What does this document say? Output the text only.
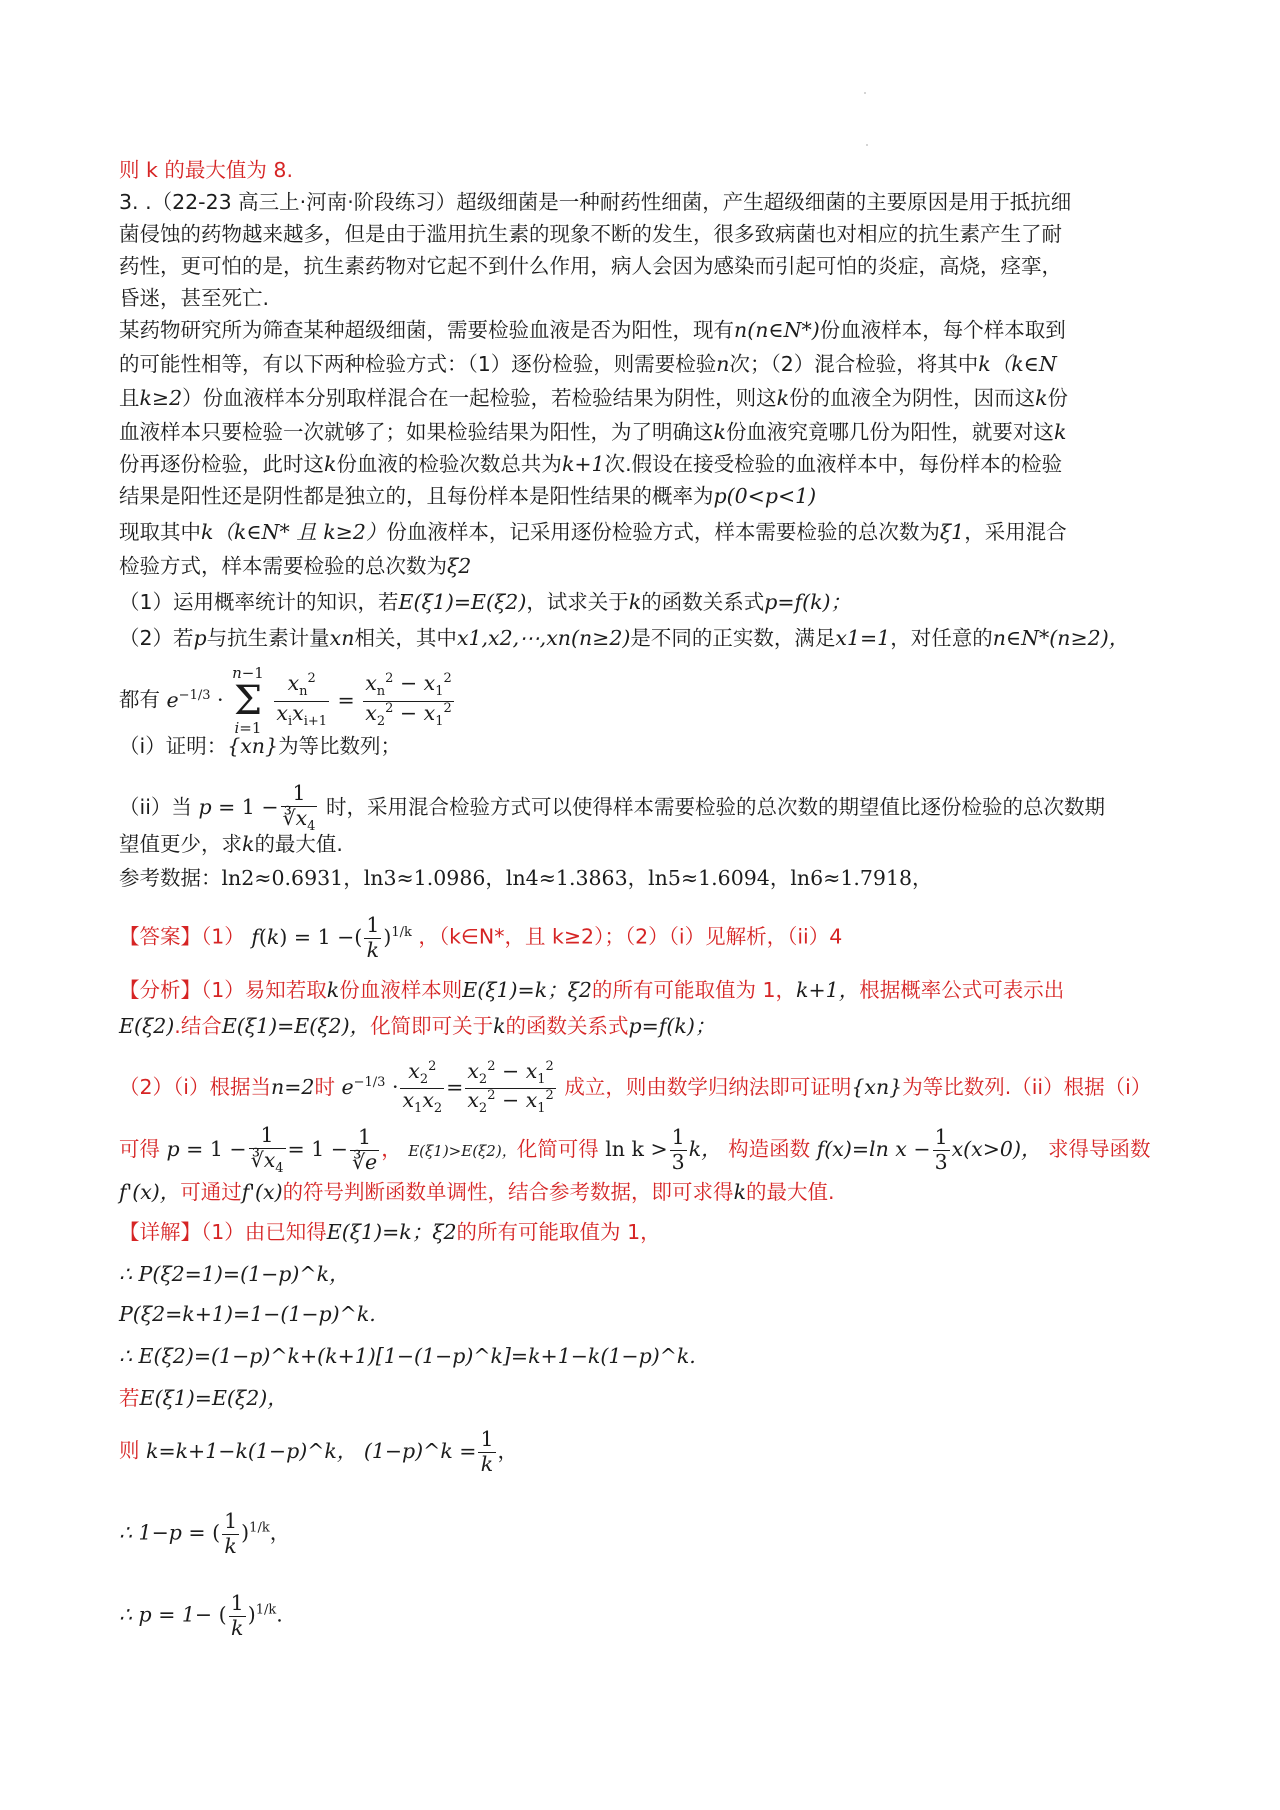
则 k 的最大值为 8.
3. .（22-23 高三上·河南·阶段练习）超级细菌是一种耐药性细菌，产生超级细菌的主要原因是用于抵抗细
菌侵蚀的药物越来越多，但是由于滥用抗生素的现象不断的发生，很多致病菌也对相应的抗生素产生了耐
药性，更可怕的是，抗生素药物对它起不到什么作用，病人会因为感染而引起可怕的炎症，高烧，痉挛，
昏迷，甚至死亡.
某药物研究所为筛查某种超级细菌，需要检验血液是否为阳性，现有n(n∈N*)份血液样本，每个样本取到
的可能性相等，有以下两种检验方式：（1）逐份检验，则需要检验n次；（2）混合检验，将其中k（k∈N
且k≥2）份血液样本分别取样混合在一起检验，若检验结果为阴性，则这k份的血液全为阴性，因而这k份
血液样本只要检验一次就够了；如果检验结果为阳性，为了明确这k份血液究竟哪几份为阳性，就要对这k
份再逐份检验，此时这k份血液的检验次数总共为k+1次.假设在接受检验的血液样本中，每份样本的检验
结果是阳性还是阴性都是独立的，且每份样本是阳性结果的概率为p(0<p<1)
现取其中k（k∈N* 且 k≥2）份血液样本，记采用逐份检验方式，样本需要检验的总次数为ξ1，采用混合
检验方式，样本需要检验的总次数为ξ2
（1）运用概率统计的知识，若E(ξ1)=E(ξ2)，试求关于k的函数关系式p=f(k)；
（2）若p与抗生素计量xn相关，其中x1,x2,⋯,xn(n≥2)是不同的正实数，满足x1=1，对任意的n∈N*(n≥2)，
都有 $e^{-1/3}$ ·
n−1
Σ
i=1
$\frac{x_n^2}{x_ix_{i+1}} = \frac{x_n^2 - x_1^2}{x_2^2 - x_1^2}$
（i）证明：{xn}为等比数列；
（ii）当 $p = 1 - \frac{1}{∛x_4}$ 时，采用混合检验方式可以使得样本需要检验的总次数的期望值比逐份检验的总次数期
望值更少，求k的最大值.
参考数据：ln2≈0.6931，ln3≈1.0986，ln4≈1.3863，ln5≈1.6094，ln6≈1.7918，
【答案】（1） f(k) = 1 −( $\frac{1}{k} )^{1/k}$ ，（k∈N*，且 k≥2）；（2）（i）见解析，（ii）4
【分析】（1）易知若取k份血液样本则E(ξ1)=k；ξ2的所有可能取值为 1，k+1，根据概率公式可表示出
E(ξ2).结合E(ξ1)=E(ξ2)，化简即可关于k的函数关系式p=f(k)；
（2）（i）根据当n=2时 $e^{-1/3} \cdot \frac{x_2^2}{x_1x_2} = \frac{x_2^2 - x_1^2}{x_2^2 - x_1^2}$ 成立，则由数学归纳法即可证明{xn}为等比数列.（ii）根据（i）
可得 $p = 1 - \frac{1}{∛x_4} = 1 - \frac{1}{∛e}$ ， E(ξ1)>E(ξ2)，化简可得 $\ln k > \frac{1}{3}$ k， 构造函数 f(x)=ln $x - \frac{1}{3} x(x>0)$， 求得导函数
f'(x)，可通过f'(x)的符号判断函数单调性，结合参考数据，即可求得k的最大值.
【详解】（1）由已知得E(ξ1)=k；ξ2的所有可能取值为 1，
∴ P(ξ2=1)=(1−p)^k，
P(ξ2=k+1)=1−(1−p)^k.
∴ E(ξ2)=(1−p)^k+(k+1)[1−(1−p)^k]=k+1−k(1−p)^k.
若E(ξ1)=E(ξ2)，
则 k=k+1−k(1−p)^k， (1−p)^k = $\frac{1}{k}$ ，
∴ 1−p = ( $\frac{1}{k} )^{1/k}$，
∴ p = 1− ( $\frac{1}{k} )^{1/k}$.
